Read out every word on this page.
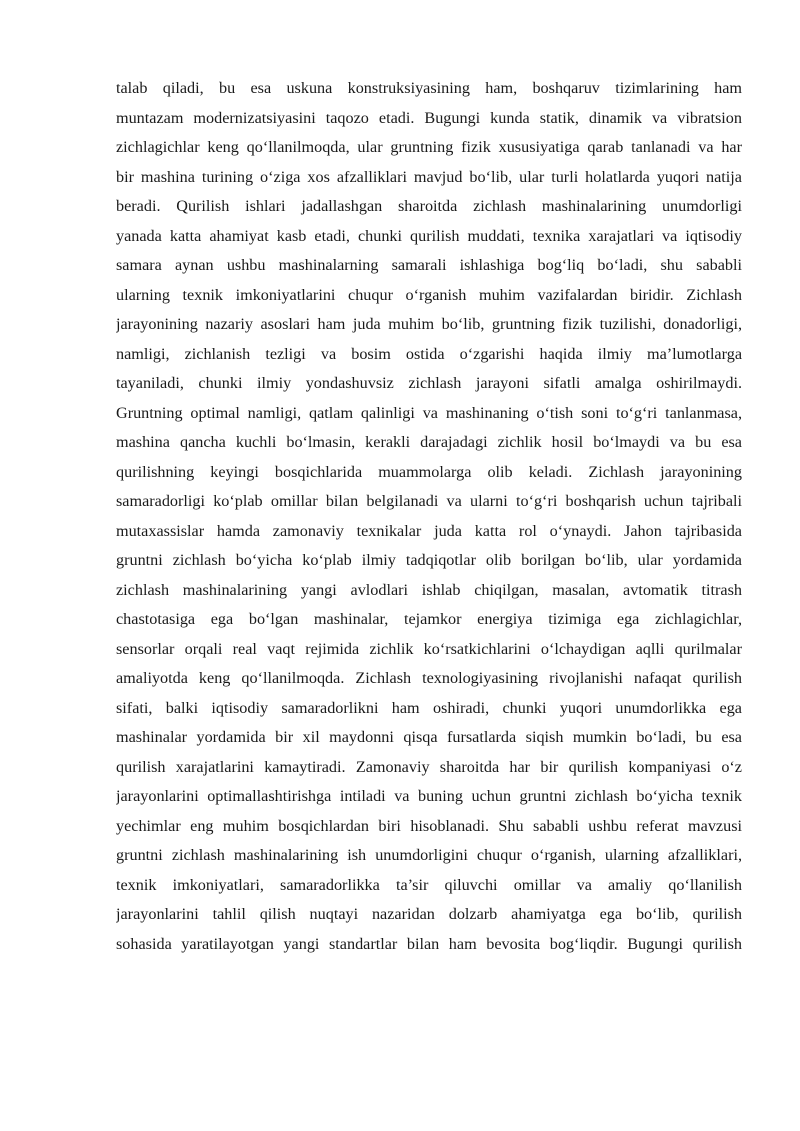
talab qiladi, bu esa uskuna konstruksiyasining ham, boshqaruv tizimlarining ham
muntazam modernizatsiyasini taqozo etadi. Bugungi kunda statik, dinamik va vibratsion
zichlagichlar keng qo‘llanilmoqda, ular gruntning fizik xususiyatiga qarab tanlanadi va har
bir mashina turining o‘ziga xos afzalliklari mavjud bo‘lib, ular turli holatlarda yuqori natija
beradi. Qurilish ishlari jadallashgan sharoitda zichlash mashinalarining unumdorligi
yanada katta ahamiyat kasb etadi, chunki qurilish muddati, texnika xarajatlari va iqtisodiy
samara aynan ushbu mashinalarning samarali ishlashiga bog‘liq bo‘ladi, shu sababli
ularning texnik imkoniyatlarini chuqur o‘rganish muhim vazifalardan biridir. Zichlash
jarayonining nazariy asoslari ham juda muhim bo‘lib, gruntning fizik tuzilishi, donadorligi,
namligi, zichlanish tezligi va bosim ostida o‘zgarishi haqida ilmiy ma’lumotlarga
tayaniladi, chunki ilmiy yondashuvsiz zichlash jarayoni sifatli amalga oshirilmaydi.
Gruntning optimal namligi, qatlam qalinligi va mashinaning o‘tish soni to‘g‘ri tanlanmasa,
mashina qancha kuchli bo‘lmasin, kerakli darajadagi zichlik hosil bo‘lmaydi va bu esa
qurilishning keyingi bosqichlarida muammolarga olib keladi. Zichlash jarayonining
samaradorligi ko‘plab omillar bilan belgilanadi va ularni to‘g‘ri boshqarish uchun tajribali
mutaxassislar hamda zamonaviy texnikalar juda katta rol o‘ynaydi. Jahon tajribasida
gruntni zichlash bo‘yicha ko‘plab ilmiy tadqiqotlar olib borilgan bo‘lib, ular yordamida
zichlash mashinalarining yangi avlodlari ishlab chiqilgan, masalan, avtomatik titrash
chastotasiga ega bo‘lgan mashinalar, tejamkor energiya tizimiga ega zichlagichlar,
sensorlar orqali real vaqt rejimida zichlik ko‘rsatkichlarini o‘lchaydigan aqlli qurilmalar
amaliyotda keng qo‘llanilmoqda. Zichlash texnologiyasining rivojlanishi nafaqat qurilish
sifati, balki iqtisodiy samaradorlikni ham oshiradi, chunki yuqori unumdorlikka ega
mashinalar yordamida bir xil maydonni qisqa fursatlarda siqish mumkin bo‘ladi, bu esa
qurilish xarajatlarini kamaytiradi. Zamonaviy sharoitda har bir qurilish kompaniyasi o‘z
jarayonlarini optimallashtirishga intiladi va buning uchun gruntni zichlash bo‘yicha texnik
yechimlar eng muhim bosqichlardan biri hisoblanadi. Shu sababli ushbu referat mavzusi
gruntni zichlash mashinalarining ish unumdorligini chuqur o‘rganish, ularning afzalliklari,
texnik imkoniyatlari, samaradorlikka ta’sir qiluvchi omillar va amaliy qo‘llanilish
jarayonlarini tahlil qilish nuqtayi nazaridan dolzarb ahamiyatga ega bo‘lib, qurilish
sohasida yaratilayotgan yangi standartlar bilan ham bevosita bog‘liqdir. Bugungi qurilish
